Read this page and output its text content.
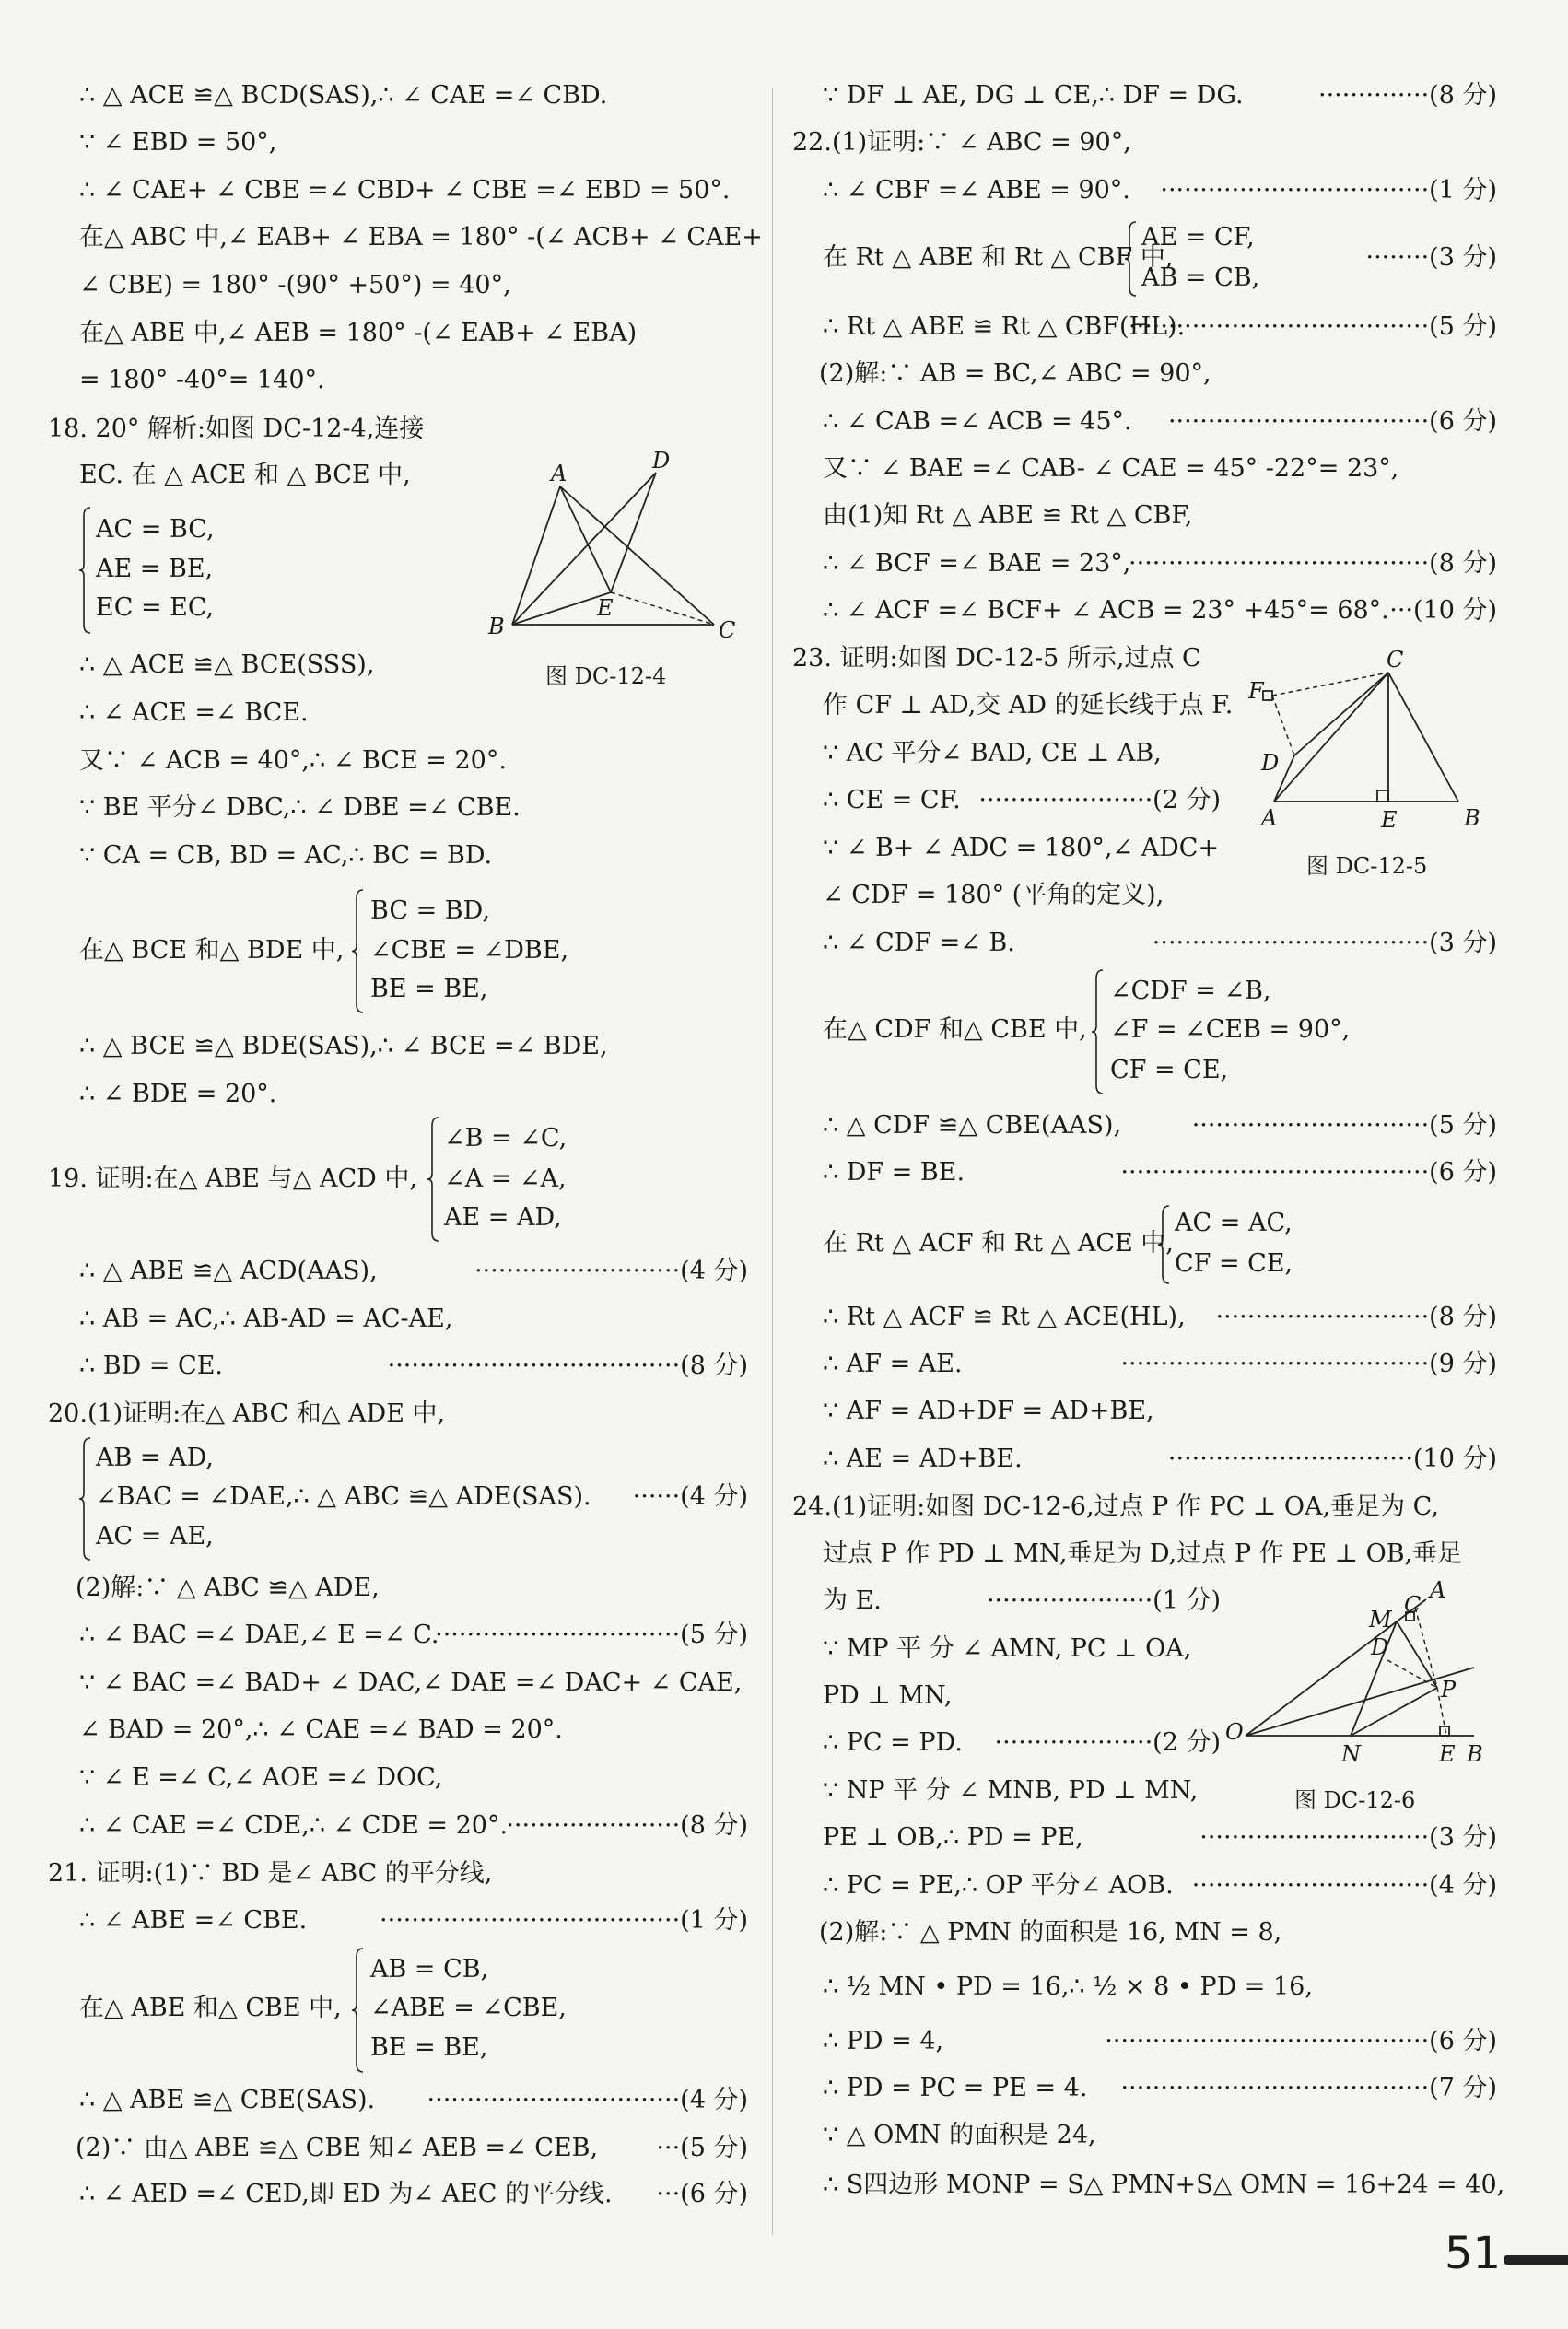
∴ △ ACE ≌△ BCD(SAS),∴ ∠ CAE =∠ CBD.
∵ ∠ EBD = 50°,
∴ ∠ CAE+ ∠ CBE =∠ CBD+ ∠ CBE =∠ EBD = 50°.
在△ ABC 中,∠ EAB+ ∠ EBA = 180° -(∠ ACB+ ∠ CAE+
∠ CBE) = 180° -(90° +50°) = 40°,
在△ ABE 中,∠ AEB = 180° -(∠ EAB+ ∠ EBA)
= 180° -40°= 140°.
18. 20° 解析:如图 DC-12-4,连接
EC. 在 △ ACE 和 △ BCE 中,
AC = BC,
AE = BE,
EC = EC,
∴ △ ACE ≌△ BCE(SSS),
∴ ∠ ACE =∠ BCE.
又∵ ∠ ACB = 40°,∴ ∠ BCE = 20°.
∵ BE 平分∠ DBC,∴ ∠ DBE =∠ CBE.
∵ CA = CB, BD = AC,∴ BC = BD.
BC = BD,
在△ BCE 和△ BDE 中, ∠CBE = ∠DBE,
BE = BE,
∴ △ BCE ≌△ BDE(SAS),∴ ∠ BCE =∠ BDE,
∴ ∠ BDE = 20°.
∠B = ∠C,
19. 证明:在△ ABE 与△ ACD 中, ∠A = ∠A,
AE = AD,
∴ △ ABE ≌△ ACD(AAS),
∴ AB = AC,∴ AB-AD = AC-AE,
∴ BD = CE.
20.(1)证明:在△ ABC 和△ ADE 中,
AB = AD,
∠BAC = ∠DAE,∴ △ ABC ≌△ ADE(SAS).
AC = AE,
(2)解:∵ △ ABC ≌△ ADE,
∴ ∠ BAC =∠ DAE,∠ E =∠ C.
∵ ∠ BAC =∠ BAD+ ∠ DAC,∠ DAE =∠ DAC+ ∠ CAE,
∠ BAD = 20°,∴ ∠ CAE =∠ BAD = 20°.
∵ ∠ E =∠ C,∠ AOE =∠ DOC,
∴ ∠ CAE =∠ CDE,∴ ∠ CDE = 20°.
21. 证明:(1)∵ BD 是∠ ABC 的平分线,
∴ ∠ ABE =∠ CBE.
AB = CB,
在△ ABE 和△ CBE 中, ∠ABE = ∠CBE,
BE = BE,
∴ △ ABE ≌△ CBE(SAS).
(2)∵ 由△ ABE ≌△ CBE 知∠ AEB =∠ CEB,
∴ ∠ AED =∠ CED,即 ED 为∠ AEC 的平分线.
··························(4 分)
·····································(8 分)
······(4 分)
·······························(5 分)
······················(8 分)
······································(1 分)
································(4 分)
···(5 分)
···(6 分)
∵ DF ⊥ AE, DG ⊥ CE,∴ DF = DG.
22.(1)证明:∵ ∠ ABC = 90°,
∴ ∠ CBF =∠ ABE = 90°.
AE = CF,
在 Rt △ ABE 和 Rt △ CBF 中,
AB = CB,
∴ Rt △ ABE ≌ Rt △ CBF(HL).
(2)解:∵ AB = BC,∠ ABC = 90°,
∴ ∠ CAB =∠ ACB = 45°.
又∵ ∠ BAE =∠ CAB- ∠ CAE = 45° -22°= 23°,
由(1)知 Rt △ ABE ≌ Rt △ CBF,
∴ ∠ BCF =∠ BAE = 23°,
∴ ∠ ACF =∠ BCF+ ∠ ACB = 23° +45°= 68°.
23. 证明:如图 DC-12-5 所示,过点 C
作 CF ⊥ AD,交 AD 的延长线于点 F.
∵ AC 平分∠ BAD, CE ⊥ AB,
∴ CE = CF.
∵ ∠ B+ ∠ ADC = 180°,∠ ADC+
∠ CDF = 180° (平角的定义),
∴ ∠ CDF =∠ B.
∠CDF = ∠B,
在△ CDF 和△ CBE 中, ∠F = ∠CEB = 90°,
CF = CE,
∴ △ CDF ≌△ CBE(AAS),
∴ DF = BE.
AC = AC,
在 Rt △ ACF 和 Rt △ ACE 中,
CF = CE,
∴ Rt △ ACF ≌ Rt △ ACE(HL),
∴ AF = AE.
∵ AF = AD+DF = AD+BE,
∴ AE = AD+BE.
24.(1)证明:如图 DC-12-6,过点 P 作 PC ⊥ OA,垂足为 C,
过点 P 作 PD ⊥ MN,垂足为 D,过点 P 作 PE ⊥ OB,垂足
为 E.
∵ MP 平 分 ∠ AMN, PC ⊥ OA,
PD ⊥ MN,
∴ PC = PD.
∵ NP 平 分 ∠ MNB, PD ⊥ MN,
PE ⊥ OB,∴ PD = PE,
∴ PC = PE,∴ OP 平分∠ AOB.
(2)解:∵ △ PMN 的面积是 16, MN = 8,
∴ ½ MN • PD = 16,∴ ½ × 8 • PD = 16,
∴ PD = 4,
∴ PD = PC = PE = 4.
∵ △ OMN 的面积是 24,
∴ S四边形 MONP = S△ PMN+S△ OMN = 16+24 = 40,
··············(8 分)
··································(1 分)
········(3 分)
······································(5 分)
·································(6 分)
······································(8 分)
···(10 分)
······················(2 分)
···································(3 分)
······························(5 分)
·······································(6 分)
···························(8 分)
·······································(9 分)
·······························(10 分)
·····················(1 分)
····················(2 分)
·····························(3 分)
······························(4 分)
·········································(6 分)
·······································(7 分)
A	D
B
E
C
图 DC-12-4
C
F
D
A	E	B
图 DC-12-5
A
M
C
D
P
O
N	E B
图 DC-12-6
51
